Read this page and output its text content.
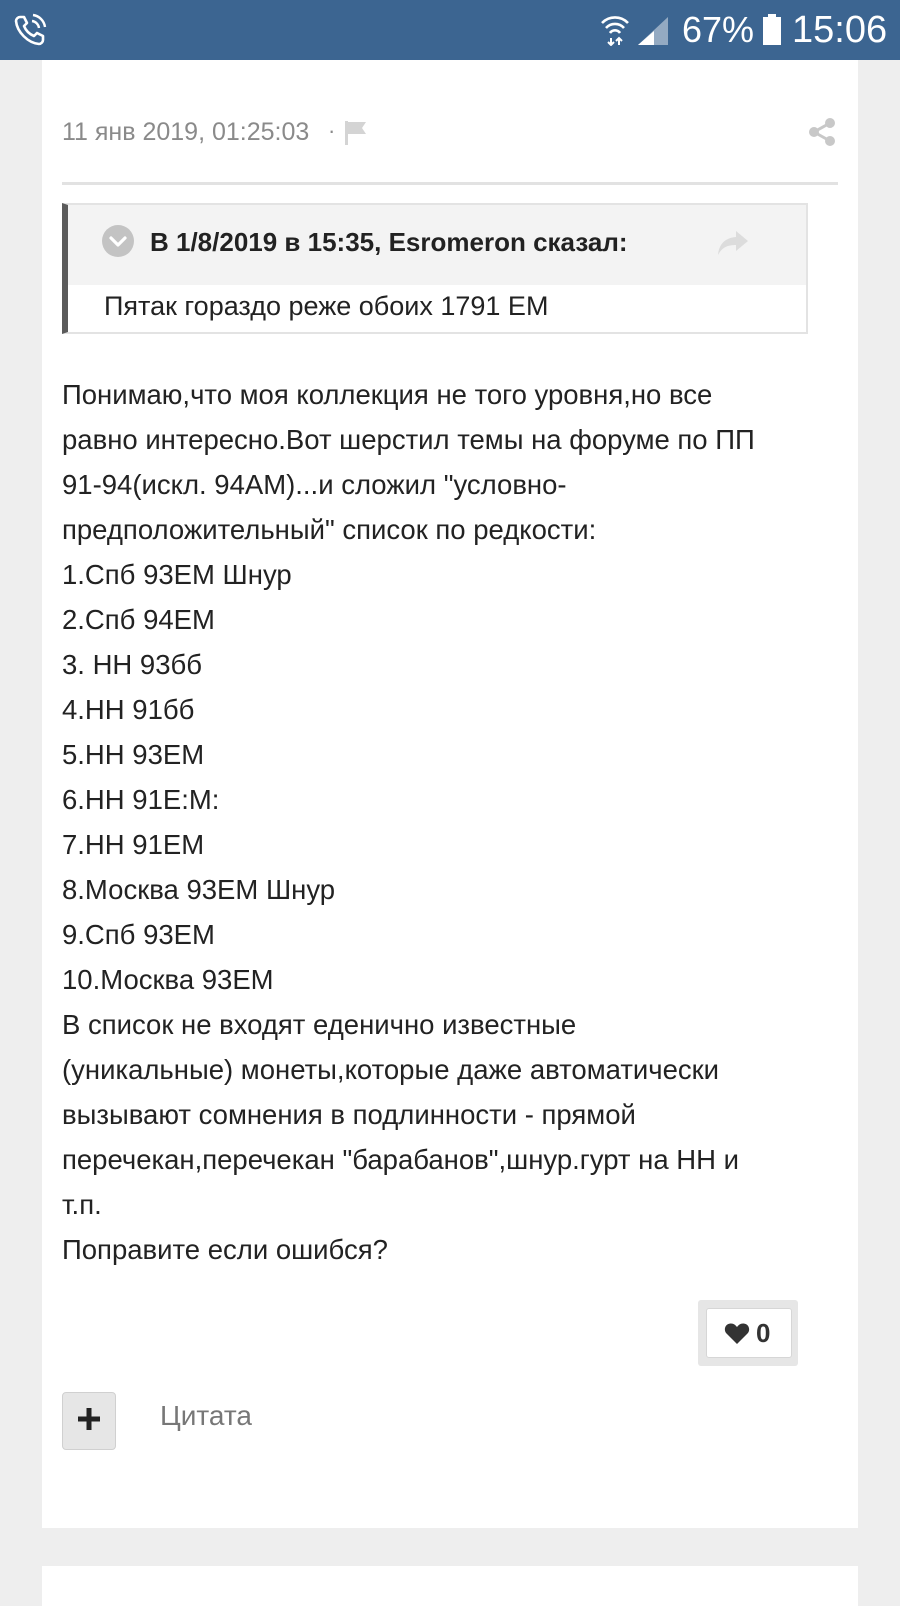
67% 15:06
11 янв 2019, 01:25:03 ·
В 1/8/2019 в 15:35, Esromeron сказал:
Пятак гораздо реже обоих 1791 ЕМ
Понимаю,что моя коллекция не того уровня,но все
равно интересно.Вот шерстил темы на форуме по ПП
91-94(искл. 94АМ)...и сложил "условно-
предположительный" список по редкости:
1.Спб 93ЕМ Шнур
2.Спб 94ЕМ
3. НН 93бб
4.НН 91бб
5.НН 93ЕМ
6.НН 91Е:М:
7.НН 91ЕМ
8.Москва 93ЕМ Шнур
9.Спб 93ЕМ
10.Москва 93ЕМ
В список не входят еденично известные
(уникальные) монеты,которые даже автоматически
вызывают сомнения в подлинности - прямой
перечекан,перечекан "барабанов",шнур.гурт на НН и
т.п.
Поправите если ошибся?
0
Цитата
